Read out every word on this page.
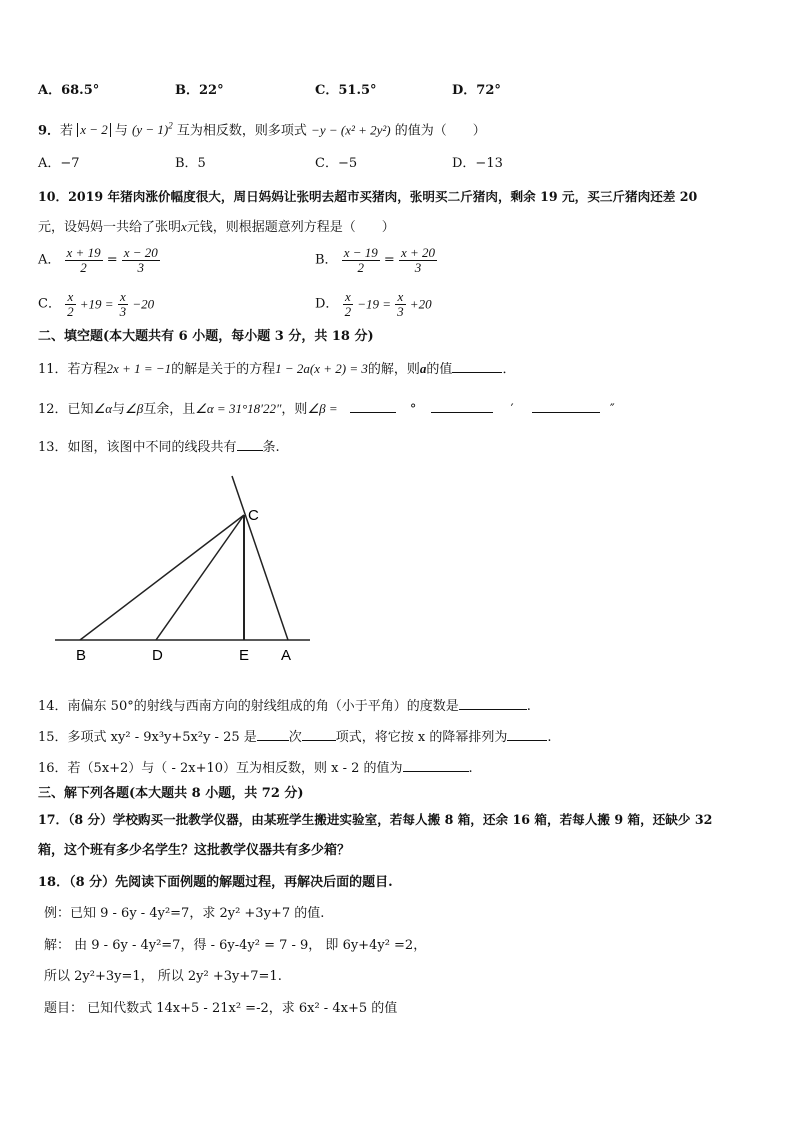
A．68.5°	B．22°	C．51.5°	D．72°
9．若 x − 2 与 $(y - 1)^2$ 互为相反数，则多项式 −y − (x² + 2y²) 的值为（　　）
A．−7	B．5	C．−5	D．−13
10．2019 年猪肉涨价幅度很大，周日妈妈让张明去超市买猪肉，张明买二斤猪肉，剩余 19 元，买三斤猪肉还差 20
元，设妈妈一共给了张明x元钱，则根据题意列方程是（　　）
A． $\frac{x + 19}{2} = \frac{x - 20}{3}$	B． $\frac{x - 19}{2} = \frac{x + 20}{3}$
C． $\frac{x}{2} +19 = \frac{x}{3} -20$	D． $\frac{x}{2} -19 = \frac{x}{3} +20$
二、填空题(本大题共有 6 小题，每小题 3 分，共 18 分)
11．若方程2x + 1 = −1的解是关于的方程1 − 2a(x + 2) = 3的解，则a的值	．
12．已知∠α与∠β互余，且∠α = 31°18′22″，则∠β =	°	′	″
13．如图，该图中不同的线段共有 条.
C
B	D	E A
14．南偏东 50°的射线与西南方向的射线组成的角（小于平角）的度数是	.
15．多项式 xy² - 9x³y+5x²y - 25 是 次	项式，将它按 x 的降幂排列为	.
16．若（5x+2）与（ - 2x+10）互为相反数，则 x - 2 的值为	.
三、解下列各题(本大题共 8 小题，共 72 分)
17．（8 分）学校购买一批教学仪器，由某班学生搬进实验室，若每人搬 8 箱，还余 16 箱，若每人搬 9 箱，还缺少 32
箱，这个班有多少名学生？这批教学仪器共有多少箱？
18．（8 分）先阅读下面例题的解题过程，再解决后面的题目.
例：已知 9 - 6y - 4y²=7，求 2y² +3y+7 的值.
解： 由 9 - 6y - 4y²=7，得 - 6y-4y² = 7 - 9， 即 6y+4y² =2，
所以 2y²+3y=1， 所以 2y² +3y+7=1.
题目： 已知代数式 14x+5 - 21x² =-2，求 6x² - 4x+5 的值
